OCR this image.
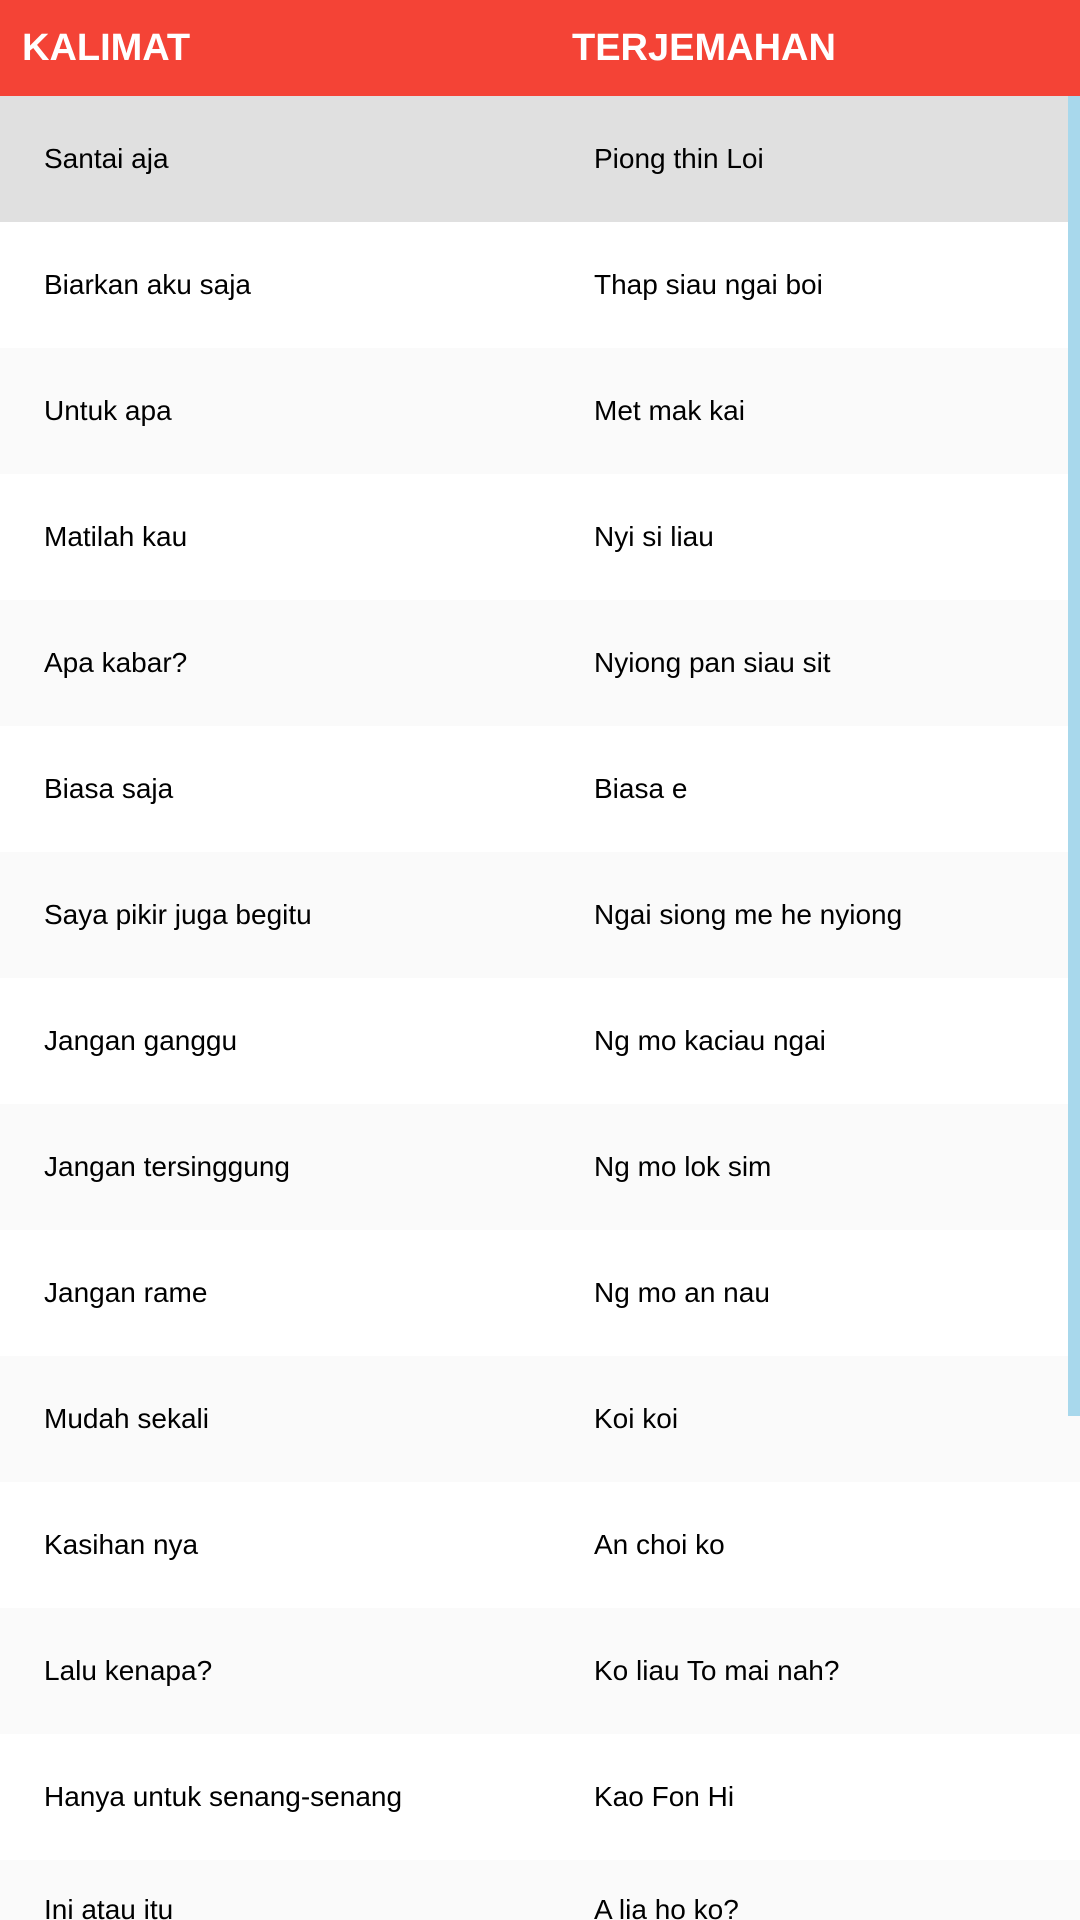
KALIMAT	TERJEMAHAN
Santai aja	Piong thin Loi
Biarkan aku saja	Thap siau ngai boi
Untuk apa	Met mak kai
Matilah kau	Nyi si liau
Apa kabar?	Nyiong pan siau sit
Biasa saja	Biasa e
Saya pikir juga begitu	Ngai siong me he nyiong
Jangan ganggu	Ng mo kaciau ngai
Jangan tersinggung	Ng mo lok sim
Jangan rame	Ng mo an nau
Mudah sekali	Koi koi
Kasihan nya	An choi ko
Lalu kenapa?	Ko liau To mai nah?
Hanya untuk senang-senang	Kao Fon Hi
Ini atau itu	A lia ho ko?
